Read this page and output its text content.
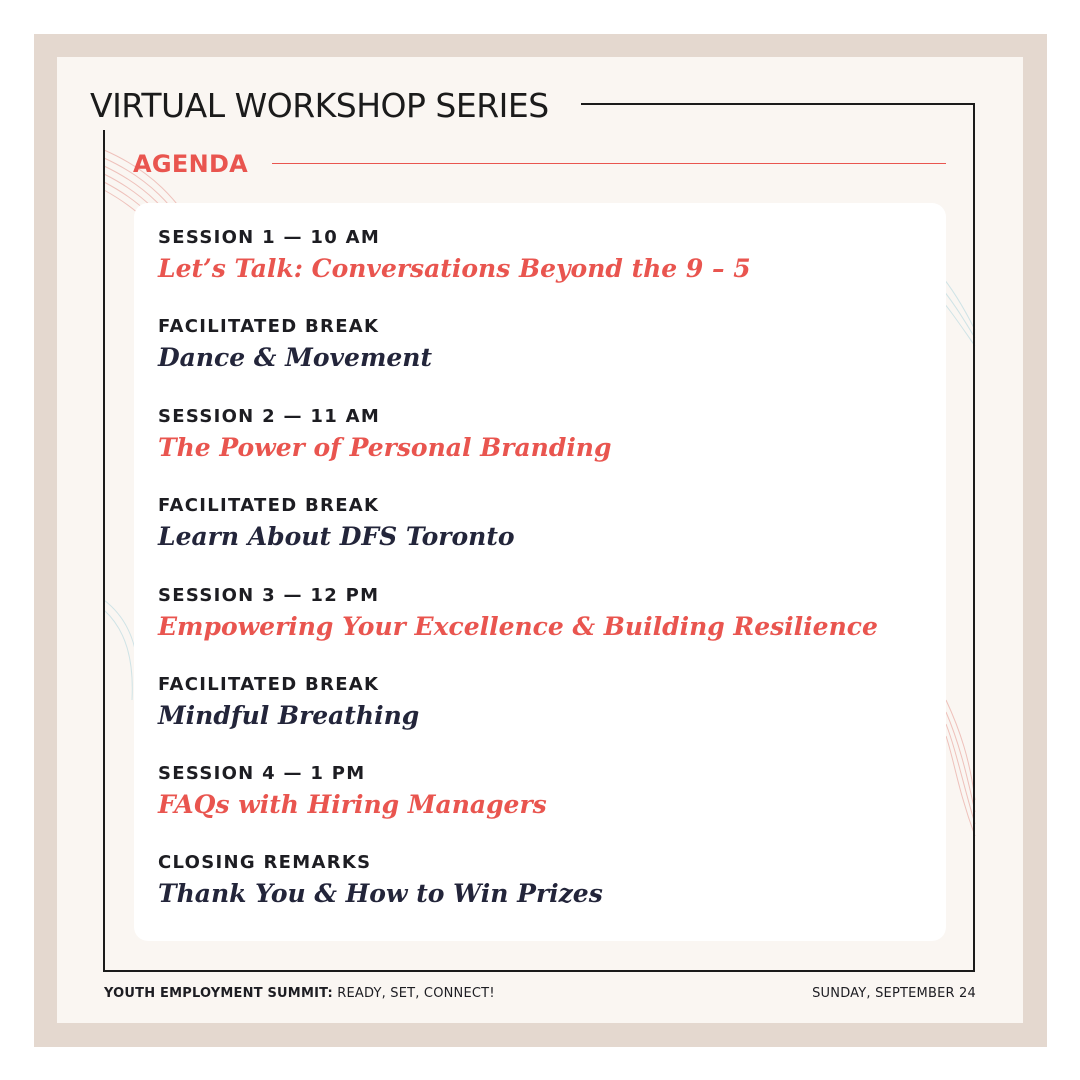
VIRTUAL WORKSHOP SERIES
AGENDA
SESSION 1 — 10 AM
Let’s Talk: Conversations Beyond the 9 – 5
FACILITATED BREAK
Dance & Movement
SESSION 2 — 11 AM
The Power of Personal Branding
FACILITATED BREAK
Learn About DFS Toronto
SESSION 3 — 12 PM
Empowering Your Excellence & Building Resilience
FACILITATED BREAK
Mindful Breathing
SESSION 4 — 1 PM
FAQs with Hiring Managers
CLOSING REMARKS
Thank You & How to Win Prizes
YOUTH EMPLOYMENT SUMMIT: READY, SET, CONNECT!	SUNDAY, SEPTEMBER 24
